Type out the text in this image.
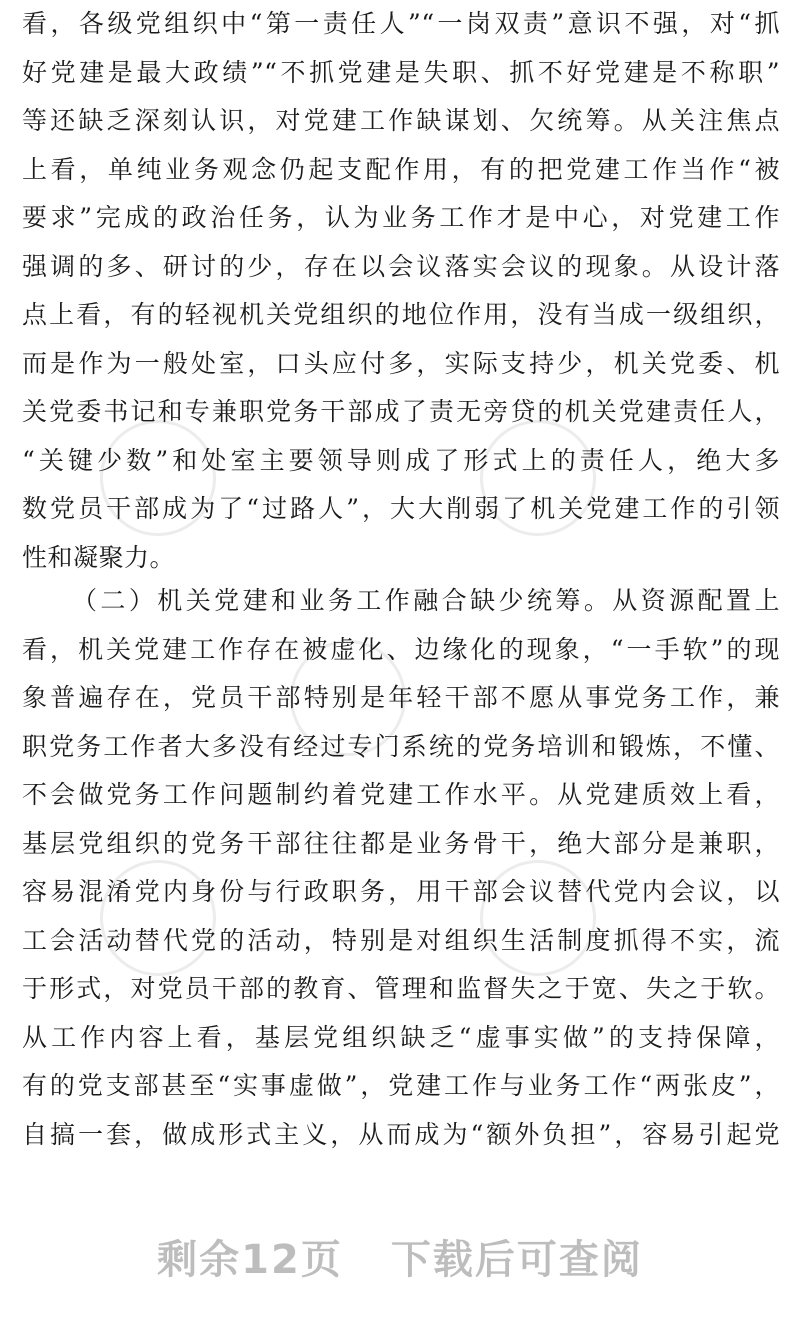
看，各级党组织中“第一责任人”“一岗双责”意识不强，对“抓
好党建是最大政绩”“不抓党建是失职、抓不好党建是不称职”
等还缺乏深刻认识，对党建工作缺谋划、欠统筹。从关注焦点
上看，单纯业务观念仍起支配作用，有的把党建工作当作“被
要求”完成的政治任务，认为业务工作才是中心，对党建工作
强调的多、研讨的少，存在以会议落实会议的现象。从设计落
点上看，有的轻视机关党组织的地位作用，没有当成一级组织，
而是作为一般处室，口头应付多，实际支持少，机关党委、机
关党委书记和专兼职党务干部成了责无旁贷的机关党建责任人，
“关键少数”和处室主要领导则成了形式上的责任人，绝大多
数党员干部成为了“过路人”，大大削弱了机关党建工作的引领
性和凝聚力。
（二）机关党建和业务工作融合缺少统筹。从资源配置上
看，机关党建工作存在被虚化、边缘化的现象，“一手软”的现
象普遍存在，党员干部特别是年轻干部不愿从事党务工作，兼
职党务工作者大多没有经过专门系统的党务培训和锻炼，不懂、
不会做党务工作问题制约着党建工作水平。从党建质效上看，
基层党组织的党务干部往往都是业务骨干，绝大部分是兼职，
容易混淆党内身份与行政职务，用干部会议替代党内会议，以
工会活动替代党的活动，特别是对组织生活制度抓得不实，流
于形式，对党员干部的教育、管理和监督失之于宽、失之于软。
从工作内容上看，基层党组织缺乏“虚事实做”的支持保障，
有的党支部甚至“实事虚做”，党建工作与业务工作“两张皮”，
自搞一套，做成形式主义，从而成为“额外负担”，容易引起党
剩余12页 下载后可查阅
